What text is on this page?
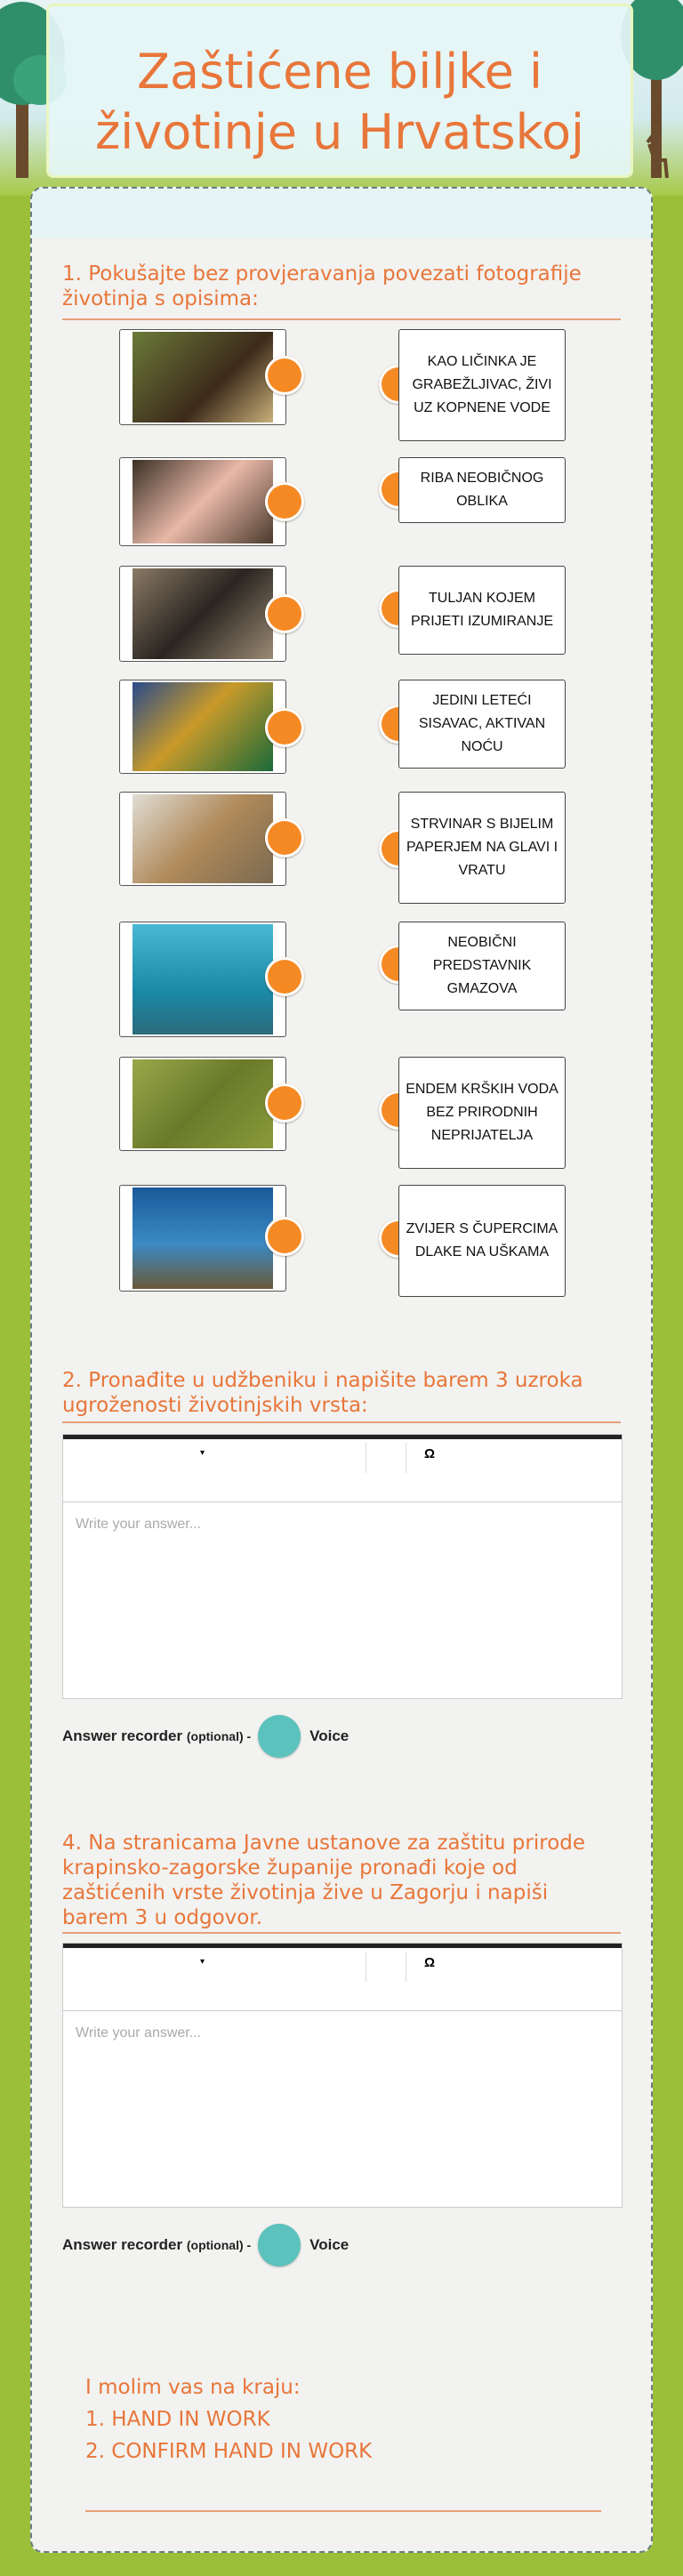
Zaštićene biljke i
životinje u Hrvatskoj
1. Pokušajte bez provjeravanja povezati fotografije životinja s opisima:
KAO LIČINKA JE GRABEŽLJIVAC, ŽIVI UZ KOPNENE VODE
RIBA NEOBIČNOG OBLIKA
TULJAN KOJEM PRIJETI IZUMIRANJE
JEDINI LETEĆI SISAVAC, AKTIVAN NOĆU
STRVINAR S BIJELIM PAPERJEM NA GLAVI I VRATU
NEOBIČNI PREDSTAVNIK GMAZOVA
ENDEM KRŠKIH VODA BEZ PRIRODNIH NEPRIJATELJA
ZVIJER S ČUPERCIMA DLAKE NA UŠKAMA
2. Pronađite u udžbeniku i napišite barem 3 uzroka ugroženosti životinjskih vrsta:
▾	Ω
Write your answer...
Answer recorder (optional) -	Voice
4. Na stranicama Javne ustanove za zaštitu prirode krapinsko-zagorske županije pronađi koje od zaštićenih vrste životinja žive u Zagorju i napiši barem 3 u odgovor.
▾	Ω
Write your answer...
Answer recorder (optional) -	Voice
I molim vas na kraju:
1. HAND IN WORK
2. CONFIRM HAND IN WORK
